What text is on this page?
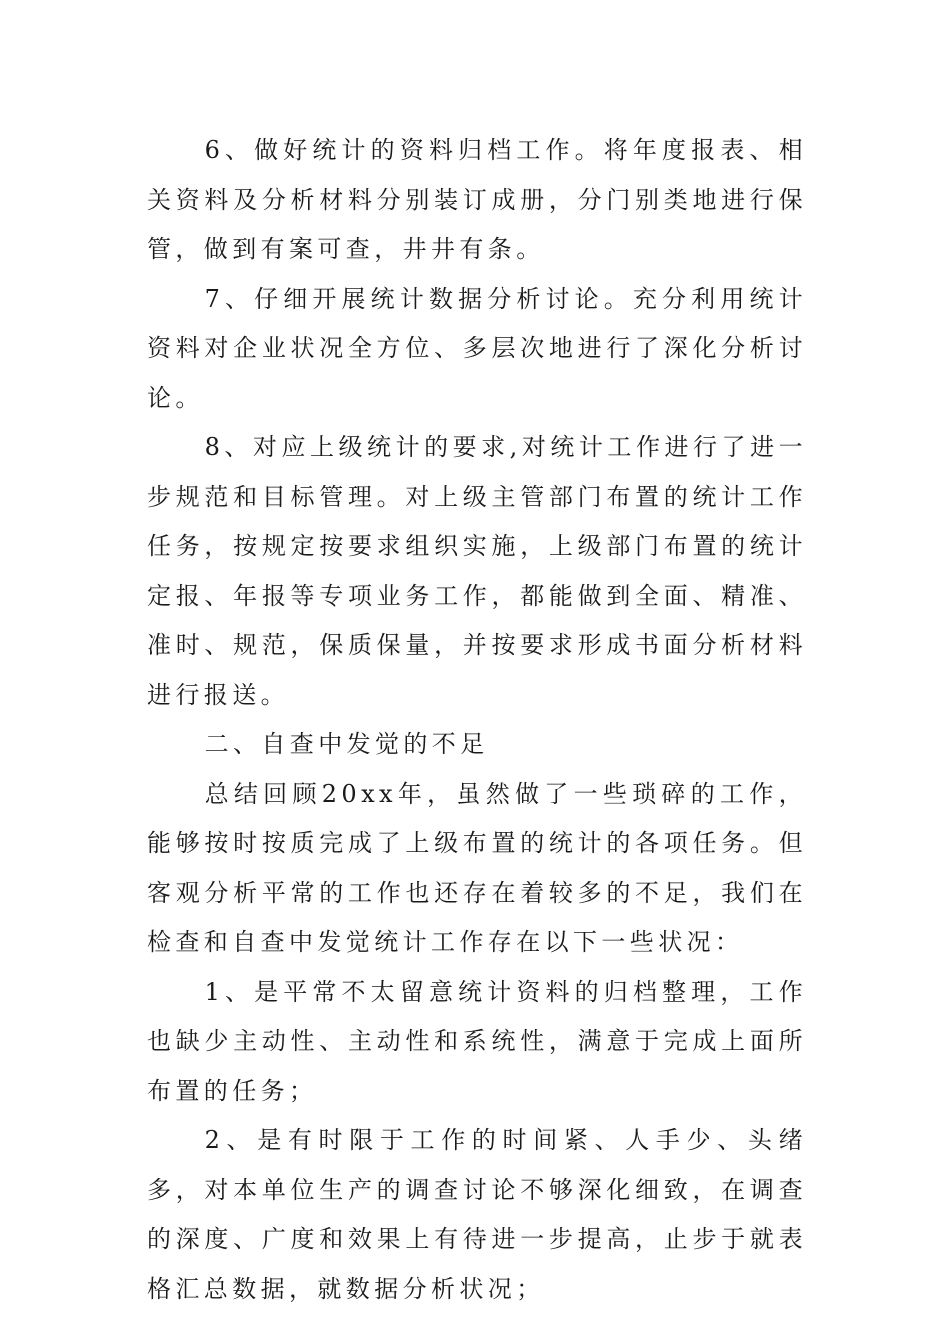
6、做好统计的资料归档工作。将年度报表、相关资料及分析材料分别装订成册，分门别类地进行保管，做到有案可查，井井有条。

7、仔细开展统计数据分析讨论。充分利用统计资料对企业状况全方位、多层次地进行了深化分析讨论。

8、对应上级统计的要求,对统计工作进行了进一步规范和目标管理。对上级主管部门布置的统计工作任务，按规定按要求组织实施，上级部门布置的统计定报、年报等专项业务工作，都能做到全面、精准、准时、规范，保质保量，并按要求形成书面分析材料进行报送。

二、自查中发觉的不足

总结回顾20xx年，虽然做了一些琐碎的工作，能够按时按质完成了上级布置的统计的各项任务。但客观分析平常的工作也还存在着较多的不足，我们在检查和自查中发觉统计工作存在以下一些状况：

1、是平常不太留意统计资料的归档整理，工作也缺少主动性、主动性和系统性，满意于完成上面所布置的任务；

2、是有时限于工作的时间紧、人手少、头绪多，对本单位生产的调查讨论不够深化细致，在调查的深度、广度和效果上有待进一步提高，止步于就表格汇总数据，就数据分析状况；
